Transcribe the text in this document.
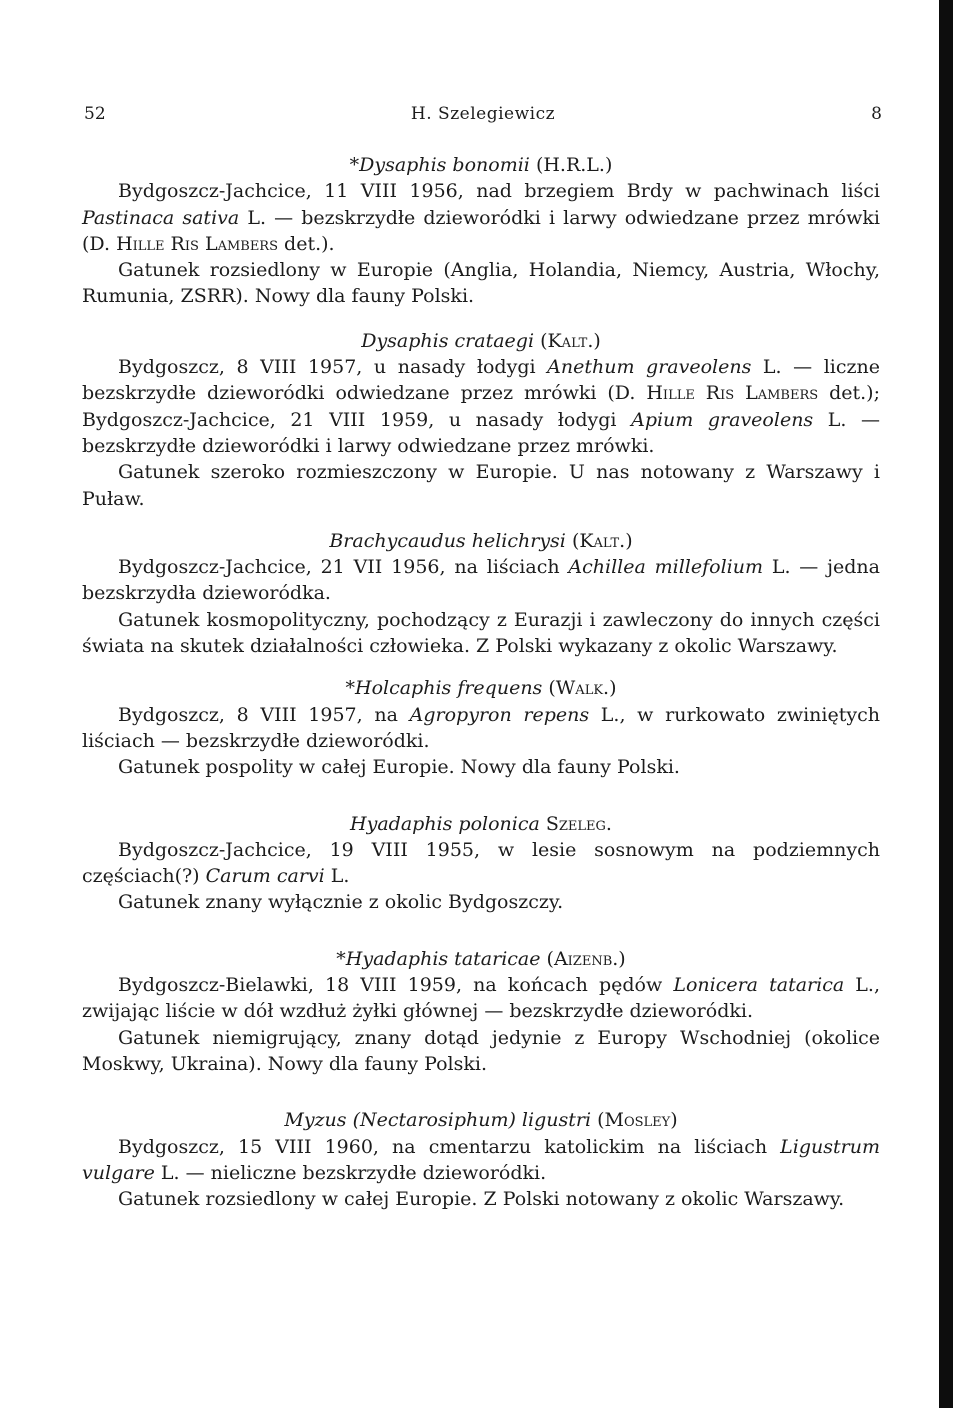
52	H. Szelegiewicz	8
*Dysaphis bonomii (H.R.L.)

Bydgoszcz-Jachcice, 11 VIII 1956, nad brzegiem Brdy w pachwinach liści Pastinaca sativa L. — bezskrzydłe dzieworódki i larwy odwiedzane przez mrówki (D. Hille Ris Lambers det.).

Gatunek rozsiedlony w Europie (Anglia, Holandia, Niemcy, Austria, Włochy, Rumunia, ZSRR). Nowy dla fauny Polski.

Dysaphis crataegi (Kalt.)

Bydgoszcz, 8 VIII 1957, u nasady łodygi Anethum graveolens L. — liczne bezskrzydłe dzieworódki odwiedzane przez mrówki (D. Hille Ris Lambers det.); Bydgoszcz-Jachcice, 21 VIII 1959, u nasady łodygi Apium graveolens L. — bezskrzydłe dzieworódki i larwy odwiedzane przez mrówki.

Gatunek szeroko rozmieszczony w Europie. U nas notowany z Warszawy i Puław.

Brachycaudus helichrysi (Kalt.)

Bydgoszcz-Jachcice, 21 VII 1956, na liściach Achillea millefolium L. — jedna bezskrzydła dzieworódka.

Gatunek kosmopolityczny, pochodzący z Eurazji i zawleczony do innych części świata na skutek działalności człowieka. Z Polski wykazany z okolic Warszawy.

*Holcaphis frequens (Walk.)

Bydgoszcz, 8 VIII 1957, na Agropyron repens L., w rurkowato zwiniętych liściach — bezskrzydłe dzieworódki.

Gatunek pospolity w całej Europie. Nowy dla fauny Polski.

Hyadaphis polonica Szeleg.

Bydgoszcz-Jachcice, 19 VIII 1955, w lesie sosnowym na podziemnych częściach(?) Carum carvi L.

Gatunek znany wyłącznie z okolic Bydgoszczy.

*Hyadaphis tataricae (Aizenb.)

Bydgoszcz-Bielawki, 18 VIII 1959, na końcach pędów Lonicera tatarica L., zwijając liście w dół wzdłuż żyłki głównej — bezskrzydłe dzieworódki.

Gatunek niemigrujący, znany dotąd jedynie z Europy Wschodniej (okolice Moskwy, Ukraina). Nowy dla fauny Polski.

Myzus (Nectarosiphum) ligustri (Mosley)

Bydgoszcz, 15 VIII 1960, na cmentarzu katolickim na liściach Ligustrum vulgare L. — nieliczne bezskrzydłe dzieworódki.

Gatunek rozsiedlony w całej Europie. Z Polski notowany z okolic Warszawy.
